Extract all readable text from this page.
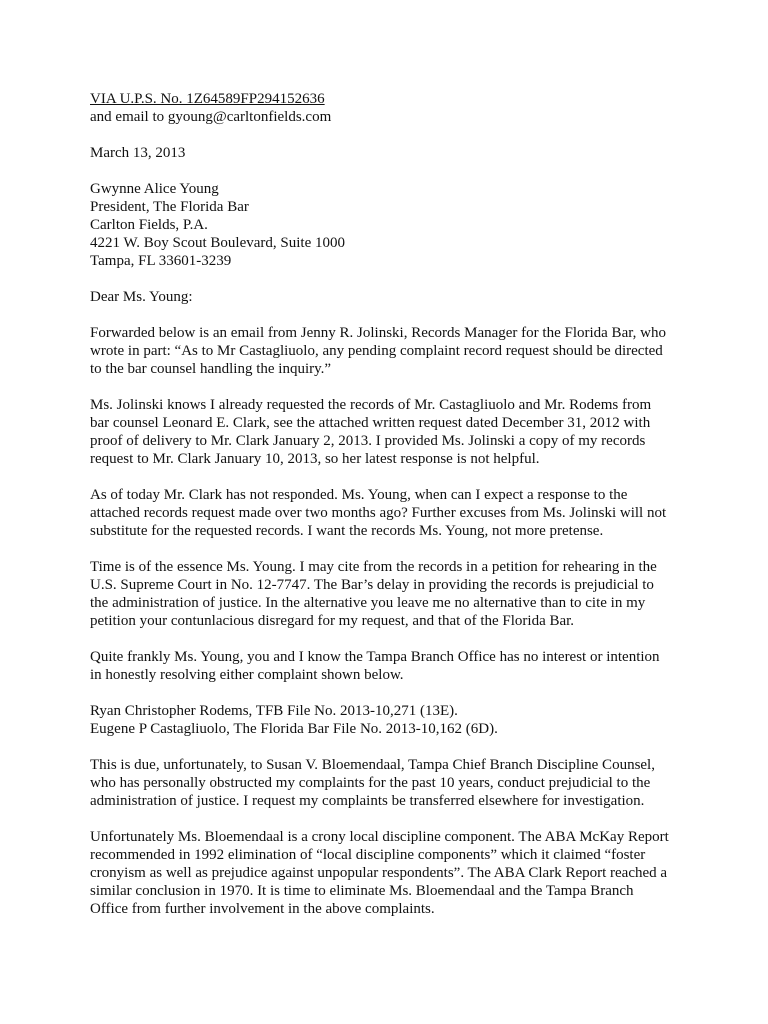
VIA U.P.S. No. 1Z64589FP294152636
and email to gyoung@carltonfields.com
March 13, 2013
Gwynne Alice Young
President, The Florida Bar
Carlton Fields, P.A.
4221 W. Boy Scout Boulevard, Suite 1000
Tampa, FL 33601-3239
Dear Ms. Young:
Forwarded below is an email from Jenny R. Jolinski, Records Manager for the Florida Bar, who
wrote in part: “As to Mr Castagliuolo, any pending complaint record request should be directed
to the bar counsel handling the inquiry.”
Ms. Jolinski knows I already requested the records of Mr. Castagliuolo and Mr. Rodems from
bar counsel Leonard E. Clark, see the attached written request dated December 31, 2012 with
proof of delivery to Mr. Clark January 2, 2013. I provided Ms. Jolinski a copy of my records
request to Mr. Clark January 10, 2013, so her latest response is not helpful.
As of today Mr. Clark has not responded. Ms. Young, when can I expect a response to the
attached records request made over two months ago? Further excuses from Ms. Jolinski will not
substitute for the requested records. I want the records Ms. Young, not more pretense.
Time is of the essence Ms. Young. I may cite from the records in a petition for rehearing in the
U.S. Supreme Court in No. 12-7747. The Bar’s delay in providing the records is prejudicial to
the administration of justice. In the alternative you leave me no alternative than to cite in my
petition your contunlacious disregard for my request, and that of the Florida Bar.
Quite frankly Ms. Young, you and I know the Tampa Branch Office has no interest or intention
in honestly resolving either complaint shown below.
Ryan Christopher Rodems, TFB File No. 2013-10,271 (13E).
Eugene P Castagliuolo, The Florida Bar File No. 2013-10,162 (6D).
This is due, unfortunately, to Susan V. Bloemendaal, Tampa Chief Branch Discipline Counsel,
who has personally obstructed my complaints for the past 10 years, conduct prejudicial to the
administration of justice. I request my complaints be transferred elsewhere for investigation.
Unfortunately Ms. Bloemendaal is a crony local discipline component. The ABA McKay Report
recommended in 1992 elimination of “local discipline components” which it claimed “foster
cronyism as well as prejudice against unpopular respondents”. The ABA Clark Report reached a
similar conclusion in 1970. It is time to eliminate Ms. Bloemendaal and the Tampa Branch
Office from further involvement in the above complaints.
